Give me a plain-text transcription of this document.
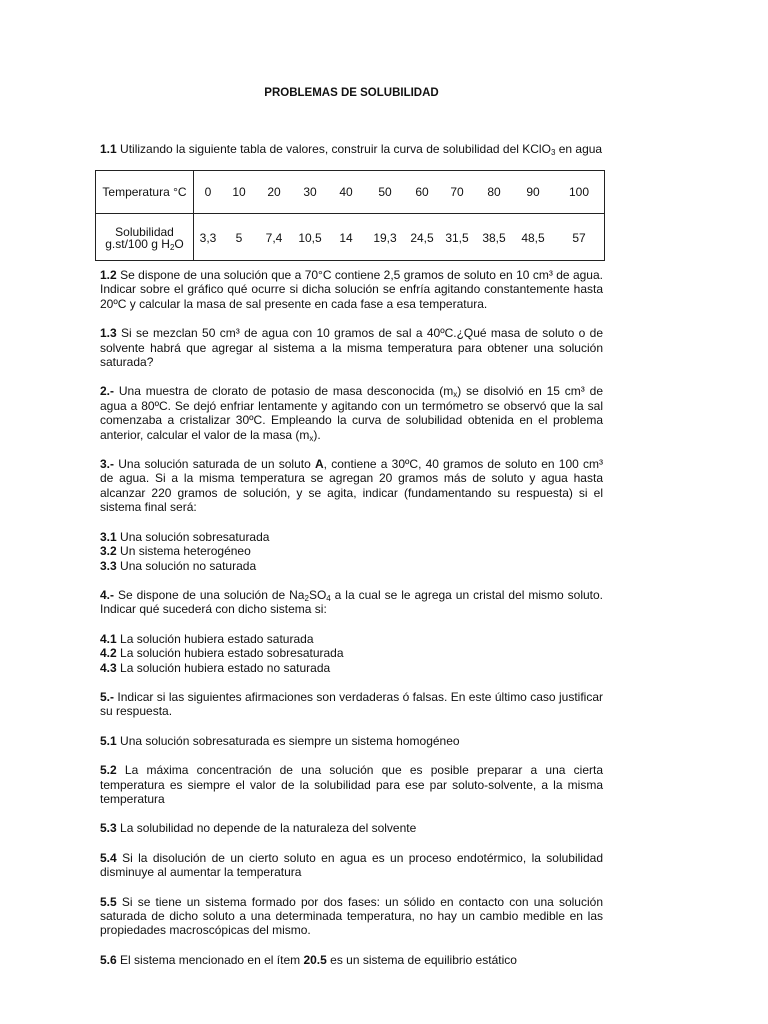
PROBLEMAS DE SOLUBILIDAD
1.1 Utilizando la siguiente tabla de valores, construir la curva de solubilidad del KClO$_3$ en agua
Temperatura °C	0	10	20	30	40	50	60	70	80	90	100
Solubilidad
g.st/100 g $H_2O$	3,3	5	7,4	10,5	14	19,3	24,5	31,5	38,5	48,5	57

1.2 Se dispone de una solución que a 70°C contiene 2,5 gramos de soluto en 10 cm³ de agua. Indicar sobre el gráfico qué ocurre si dicha solución se enfría agitando constantemente hasta 20ºC y calcular la masa de sal presente en cada fase a esa temperatura.

1.3 Si se mezclan 50 cm³ de agua con 10 gramos de sal a 40ºC.¿Qué masa de soluto o de solvente habrá que agregar al sistema a la misma temperatura para obtener una solución saturada?

2.- Una muestra de clorato de potasio de masa desconocida $(m_x)$ se disolvió en 15 cm³ de agua a 80ºC. Se dejó enfriar lentamente y agitando con un termómetro se observó que la sal comenzaba a cristalizar 30ºC. Empleando la curva de solubilidad obtenida en el problema anterior, calcular el valor de la masa $(m_x)$.

3.- Una solución saturada de un soluto A, contiene a 30ºC, 40 gramos de soluto en 100 cm³ de agua. Si a la misma temperatura se agregan 20 gramos más de soluto y agua hasta alcanzar 220 gramos de solución, y se agita, indicar (fundamentando su respuesta) si el sistema final será:

3.1 Una solución sobresaturada
3.2 Un sistema heterogéneo
3.3 Una solución no saturada

4.- Se dispone de una solución de $Na_2SO_4$ a la cual se le agrega un cristal del mismo soluto. Indicar qué sucederá con dicho sistema si:

4.1 La solución hubiera estado saturada
4.2 La solución hubiera estado sobresaturada
4.3 La solución hubiera estado no saturada

5.- Indicar si las siguientes afirmaciones son verdaderas ó falsas. En este último caso justificar su respuesta.

5.1 Una solución sobresaturada es siempre un sistema homogéneo

5.2 La máxima concentración de una solución que es posible preparar a una cierta temperatura es siempre el valor de la solubilidad para ese par soluto-solvente, a la misma temperatura

5.3 La solubilidad no depende de la naturaleza del solvente

5.4 Si la disolución de un cierto soluto en agua es un proceso endotérmico, la solubilidad disminuye al aumentar la temperatura

5.5 Si se tiene un sistema formado por dos fases: un sólido en contacto con una solución saturada de dicho soluto a una determinada temperatura, no hay un cambio medible en las propiedades macroscópicas del mismo.

5.6 El sistema mencionado en el ítem 20.5 es un sistema de equilibrio estático
